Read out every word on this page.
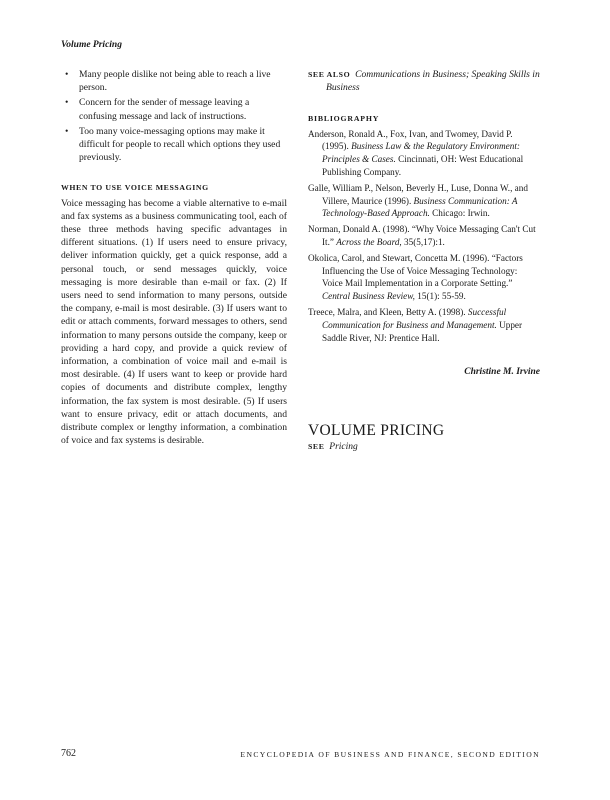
Volume Pricing
• Many people dislike not being able to reach a live person.
• Concern for the sender of message leaving a confusing message and lack of instructions.
• Too many voice-messaging options may make it difficult for people to recall which options they used previously.
WHEN TO USE VOICE MESSAGING

Voice messaging has become a viable alternative to e-mail and fax systems as a business communicating tool, each of these three methods having specific advantages in different situations. (1) If users need to ensure privacy, deliver information quickly, get a quick response, add a personal touch, or send messages quickly, voice messaging is more desirable than e-mail or fax. (2) If users need to send information to many persons, outside the company, e-mail is most desirable. (3) If users want to edit or attach comments, forward messages to others, send information to many persons outside the company, keep or providing a hard copy, and provide a quick review of information, a combination of voice mail and e-mail is most desirable. (4) If users want to keep or provide hard copies of documents and distribute complex, lengthy information, the fax system is most desirable. (5) If users want to ensure privacy, edit or attach documents, and distribute complex or lengthy information, a combination of voice and fax systems is desirable.

SEE ALSO Communications in Business; Speaking Skills in Business
BIBLIOGRAPHY
Anderson, Ronald A., Fox, Ivan, and Twomey, David P. (1995). Business Law & the Regulatory Environment: Principles & Cases. Cincinnati, OH: West Educational Publishing Company.
Galle, William P., Nelson, Beverly H., Luse, Donna W., and Villere, Maurice (1996). Business Communication: A Technology-Based Approach. Chicago: Irwin.
Norman, Donald A. (1998). “Why Voice Messaging Can't Cut It.” Across the Board, 35(5,17):1.
Okolica, Carol, and Stewart, Concetta M. (1996). “Factors Influencing the Use of Voice Messaging Technology: Voice Mail Implementation in a Corporate Setting.” Central Business Review, 15(1): 55-59.
Treece, Malra, and Kleen, Betty A. (1998). Successful Communication for Business and Management. Upper Saddle River, NJ: Prentice Hall.
Christine M. Irvine
VOLUME PRICING
SEE Pricing
762	ENCYCLOPEDIA OF BUSINESS AND FINANCE, SECOND EDITION
